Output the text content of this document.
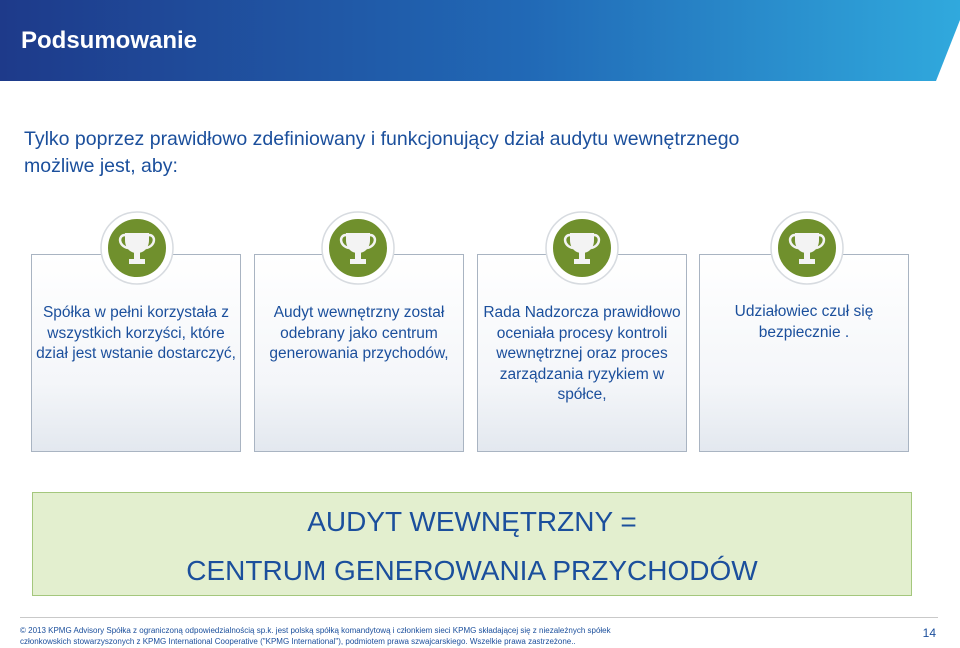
Podsumowanie
Tylko poprzez prawidłowo zdefiniowany i funkcjonujący dział audytu wewnętrznego
możliwe jest, aby:
Spółka w pełni korzystała z wszystkich korzyści, które dział jest wstanie dostarczyć,
Audyt wewnętrzny został odebrany jako centrum generowania przychodów,
Rada Nadzorcza prawidłowo oceniała procesy kontroli wewnętrznej oraz proces zarządzania ryzykiem w spółce,
Udziałowiec czuł się bezpiecznie .
AUDYT WEWNĘTRZNY =
CENTRUM GENEROWANIA PRZYCHODÓW
© 2013 KPMG Advisory Spółka z ograniczoną odpowiedzialnością sp.k. jest polską spółką komandytową i członkiem sieci KPMG składającej się z niezależnych spółek
członkowskich stowarzyszonych z KPMG International Cooperative ("KPMG International"), podmiotem prawa szwajcarskiego. Wszelkie prawa zastrzeżone..
14
